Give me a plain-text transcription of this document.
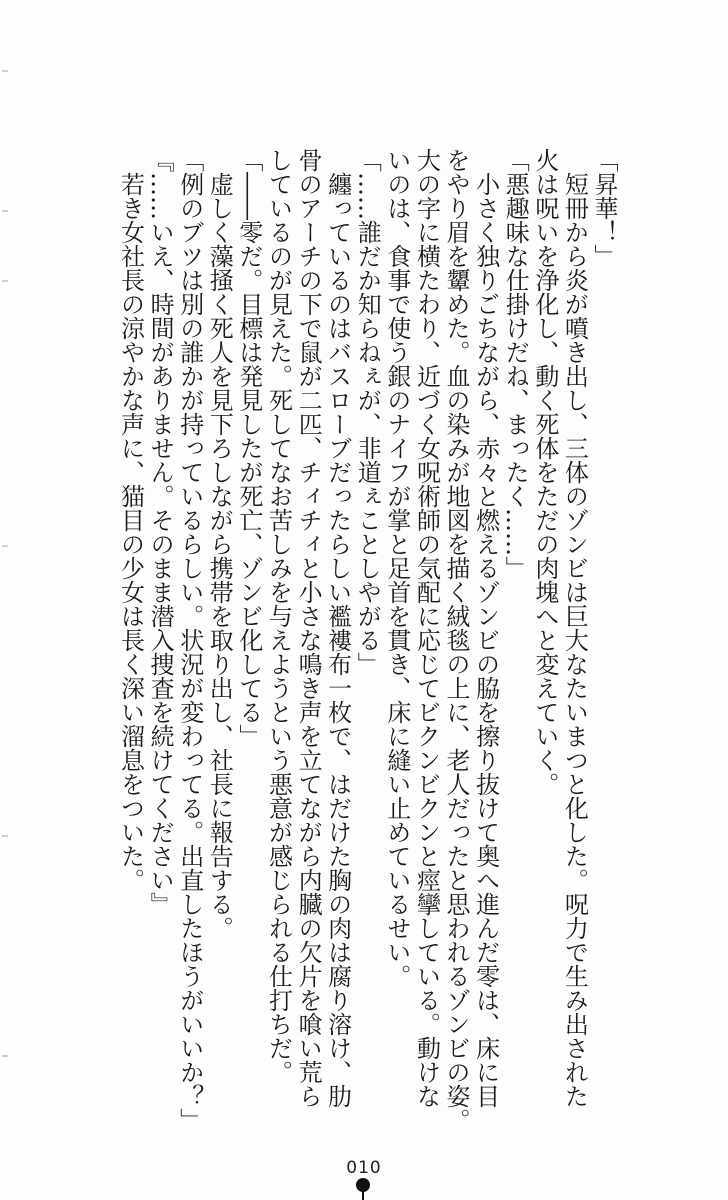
「昇華！」

　短冊から炎が噴き出し、三体のゾンビは巨大なたいまつと化した。呪力で生み出された

火は呪いを浄化し、動く死体をただの肉塊へと変えていく。

「悪趣味な仕掛けだね、まったく……」

　小さく独りごちながら、赤々と燃えるゾンビの脇を擦り抜けて奥へ進んだ零は、床に目

をやり眉を顰めた。血の染みが地図を描く絨毯の上に、老人だったと思われるゾンビの姿。

大の字に横たわり、近づく女呪術師の気配に応じてビクンビクンと痙攣している。動けな

いのは、食事で使う銀のナイフが掌と足首を貫き、床に縫い止めているせい。

「……誰だか知らねぇが、非道ぇことしやがる」

　纏っているのはバスローブだったらしい襤褸布一枚で、はだけた胸の肉は腐り溶け、肋

骨のアーチの下で鼠が二匹、チィチィと小さな鳴き声を立てながら内臓の欠片を喰い荒ら

しているのが見えた。死してなお苦しみを与えようという悪意が感じられる仕打ちだ。

「――零だ。目標は発見したが死亡、ゾンビ化してる」

　虚しく藻掻く死人を見下ろしながら携帯を取り出し、社長に報告する。

「例のブツは別の誰かが持っているらしい。状況が変わってる。出直したほうがいいか？」

『……いえ、時間がありません。そのまま潜入捜査を続けてください』

　若き女社長の涼やかな声に、猫目の少女は長く深い溜息をついた。

010
